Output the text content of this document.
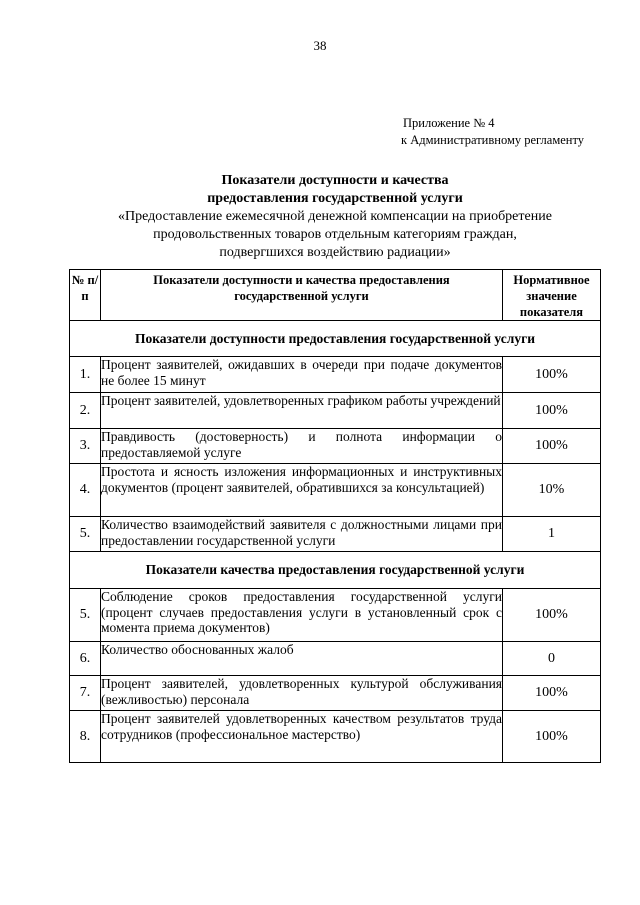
38
Приложение № 4
к Административному регламенту
Показатели доступности и качества
предоставления государственной услуги
«Предоставление ежемесячной денежной компенсации на приобретение
продовольственных товаров отдельным категориям граждан,
подвергшихся воздействию радиации»
№ п/п	Показатели доступности и качества предоставления государственной услуги	Нормативное значение показателя
Показатели доступности предоставления государственной услуги		
1.	Процент заявителей, ожидавших в очереди при подаче документов не более 15 минут	100%
2.	Процент заявителей, удовлетворенных графиком работы учреждений	100%
3.	Правдивость (достоверность) и полнота информации о предоставляемой услуге	100%
4.	Простота и ясность изложения информационных и инструктивных документов (процент заявителей, обратившихся за консультацией)	10%
5.	Количество взаимодействий заявителя с должностными лицами при предоставлении государственной услуги	1
Показатели качества предоставления государственной услуги		
5.	Соблюдение сроков предоставления государственной услуги (процент случаев предоставления услуги в установленный срок с момента приема документов)	100%
6.	Количество обоснованных жалоб	0
7.	Процент заявителей, удовлетворенных культурой обслуживания (вежливостью) персонала	100%
8.	Процент заявителей удовлетворенных качеством результатов труда сотрудников (профессиональное мастерство)	100%
